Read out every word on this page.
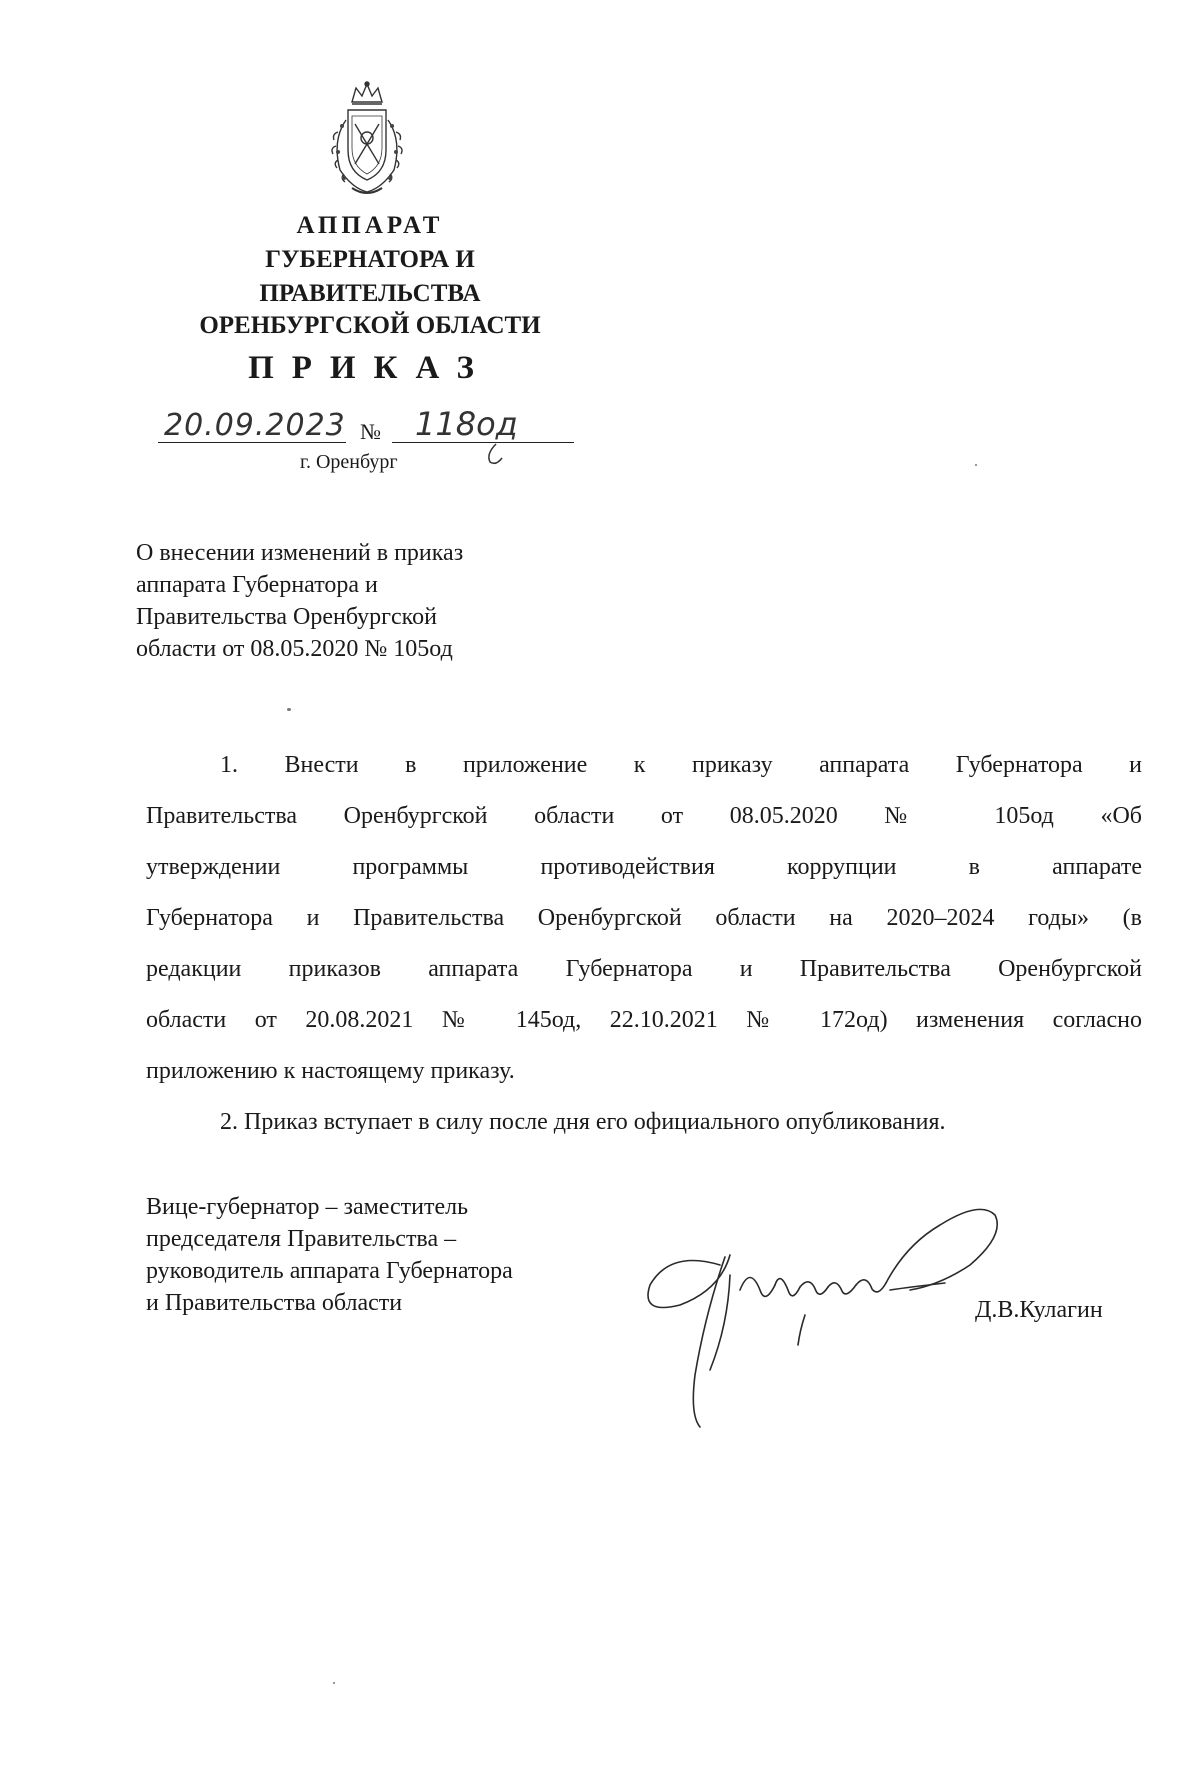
АППАРАТ
ГУБЕРНАТОРА И
ПРАВИТЕЛЬСТВА
ОРЕНБУРГСКОЙ ОБЛАСТИ
ПРИКАЗ
20.09.2023 № 118од
г. Оренбург
О внесении изменений в приказ
аппарата Губернатора и
Правительства Оренбургской
области от 08.05.2020 № 105од
1. Внести в приложение к приказу аппарата Губернатора и
Правительства Оренбургской области от 08.05.2020 № 105од «Об
утверждении программы противодействия коррупции в аппарате
Губернатора и Правительства Оренбургской области на 2020–2024 годы» (в
редакции приказов аппарата Губернатора и Правительства Оренбургской
области от 20.08.2021 № 145од, 22.10.2021 № 172од) изменения согласно
приложению к настоящему приказу.
2. Приказ вступает в силу после дня его официального опубликования.
Вице-губернатор – заместитель
председателя Правительства –
руководитель аппарата Губернатора
и Правительства области	Д.В.Кулагин
